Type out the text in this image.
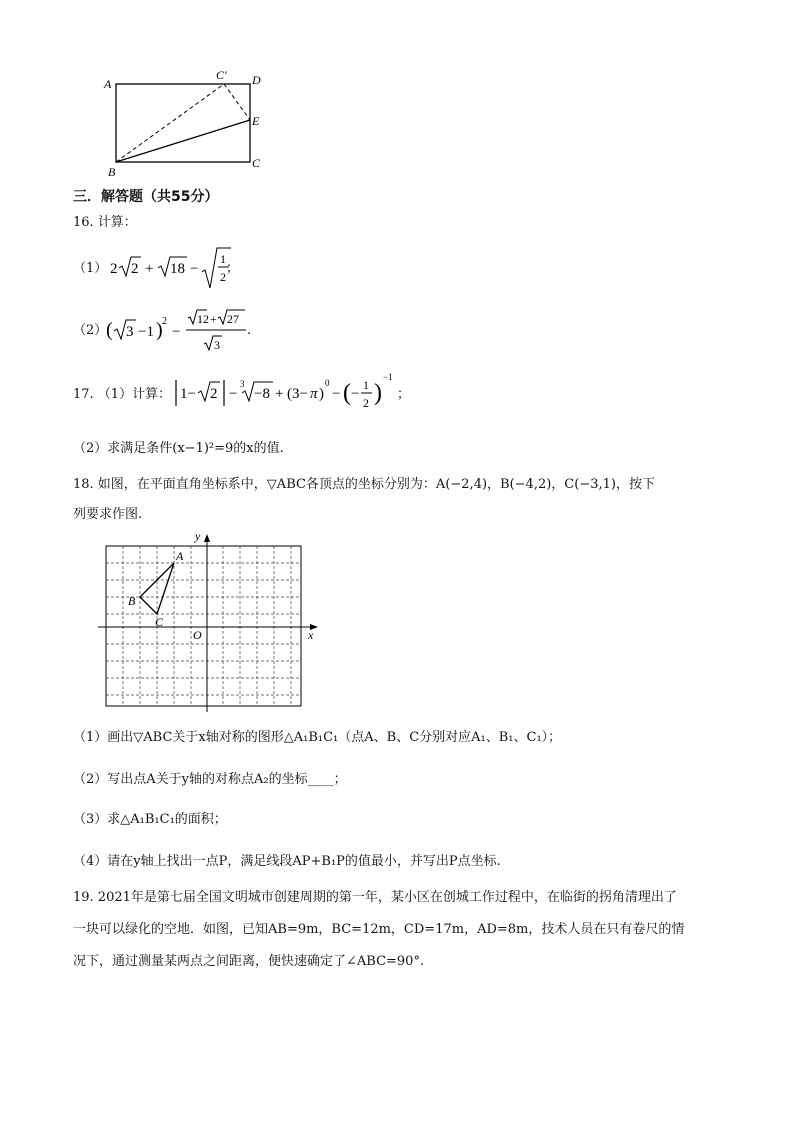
A
C′ D
E
B
C
三．解答题（共55分）
16. 计算：
（1） 2 2 + 18 −
1
2
；
（2）
( 3 −1 ) 2
−
12 + 27
3
.
17. （1）计算： 1− 2 −
3
−8 + (3− π )
0
− ( −
1
2 )
−1
；
（2）求满足条件(x−1)²=9的x的值.
18. 如图，在平面直角坐标系中，▽ABC各顶点的坐标分别为：A(−2,4)，B(−4,2)，C(−3,1)，按下
列要求作图.
y
x
O
A
B
C
（1）画出▽ABC关于x轴对称的图形△A₁B₁C₁（点A、B、C分别对应A₁、B₁、C₁）；
（2）写出点A关于y轴的对称点A₂的坐标____；
（3）求△A₁B₁C₁的面积；
（4）请在y轴上找出一点P，满足线段AP+B₁P的值最小，并写出P点坐标.
19. 2021年是第七届全国文明城市创建周期的第一年，某小区在创城工作过程中，在临街的拐角清理出了
一块可以绿化的空地．如图，已知AB=9m，BC=12m，CD=17m，AD=8m，技术人员在只有卷尺的情
况下，通过测量某两点之间距离，便快速确定了∠ABC=90°.
